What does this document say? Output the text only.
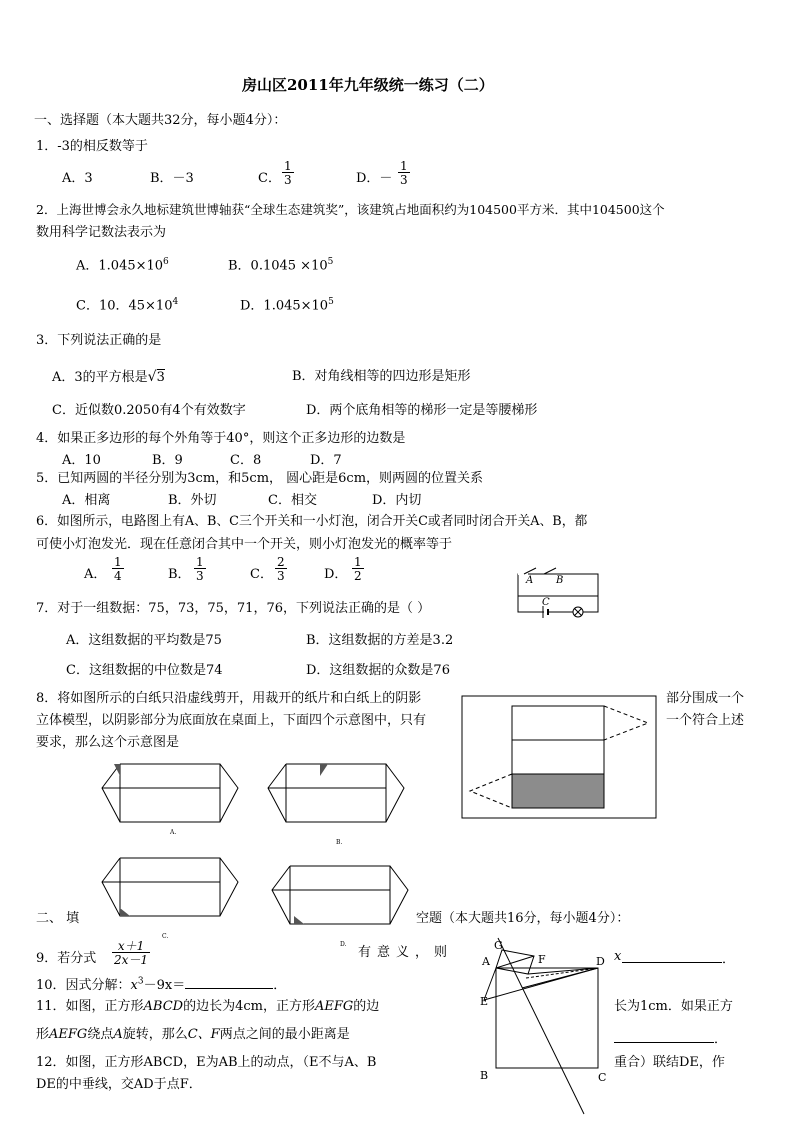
房山区2011年九年级统一练习（二）
一、选择题（本大题共32分，每小题4分）：
1．-3的相反数等于
A．3	B．－3	C． $\frac{1}{3}$	D．－ $\frac{1}{3}$
2．上海世博会永久地标建筑世博轴获“全球生态建筑奖”，该建筑占地面积约为104500平方米．其中104500这个
数用科学记数法表示为
A．$1.045\times 10^6$	B．$0.1045 \times 10^5$
C．10．$45\times 10^4$	D．$1.045\times 10^5$
3．下列说法正确的是
A．3的平方根是√3	B．对角线相等的四边形是矩形
C．近似数0.2050有4个有效数字	D．两个底角相等的梯形一定是等腰梯形
4．如果正多边形的每个外角等于40°，则这个正多边形的边数是
A．10	B．9	C．8	D．7
5．已知两圆的半径分别为3cm，和5cm， 圆心距是6cm，则两圆的位置关系
A．相离	B．外切	C．相交	D．内切
6．如图所示，电路图上有A、B、C三个开关和一小灯泡，闭合开关C或者同时闭合开关A、B，都
可使小灯泡发光．现在任意闭合其中一个开关，则小灯泡发光的概率等于
A． $\frac{1}{4}$	B． $\frac{1}{3}$	C． $\frac{2}{3}$	D． $\frac{1}{2}$	A B
C
7．对于一组数据：75，73，75，71，76，下列说法正确的是（ ）
A．这组数据的平均数是75	B．这组数据的方差是3.2
C．这组数据的中位数是74	D．这组数据的众数是76
8．将如图所示的白纸只沿虚线剪开，用裁开的纸片和白纸上的阴影
立体模型，以阴影部分为底面放在桌面上，下面四个示意图中，只有
要求，那么这个示意图是
部分围成一个
一个符合上述
A.
B.
C.
D.
二、 填	空题（本大题共16分，每小题4分）：
9．若分式 $\frac{x+1}{2x-1}$	有意义，则	x	．
10．因式分解：$x^3-9x=$	．
11．如图，正方形ABCD的边长为4cm，正方形AEFG的边	长为1cm．如果正方
形AEFG绕点A旋转，那么C、F两点之间的最小距离是	．
12．如图，正方形ABCD，E为AB上的动点，（E不与A、B	重合）联结DE，作
DE的中垂线，交AD于点F．
G
A	F	D
E
B	C
